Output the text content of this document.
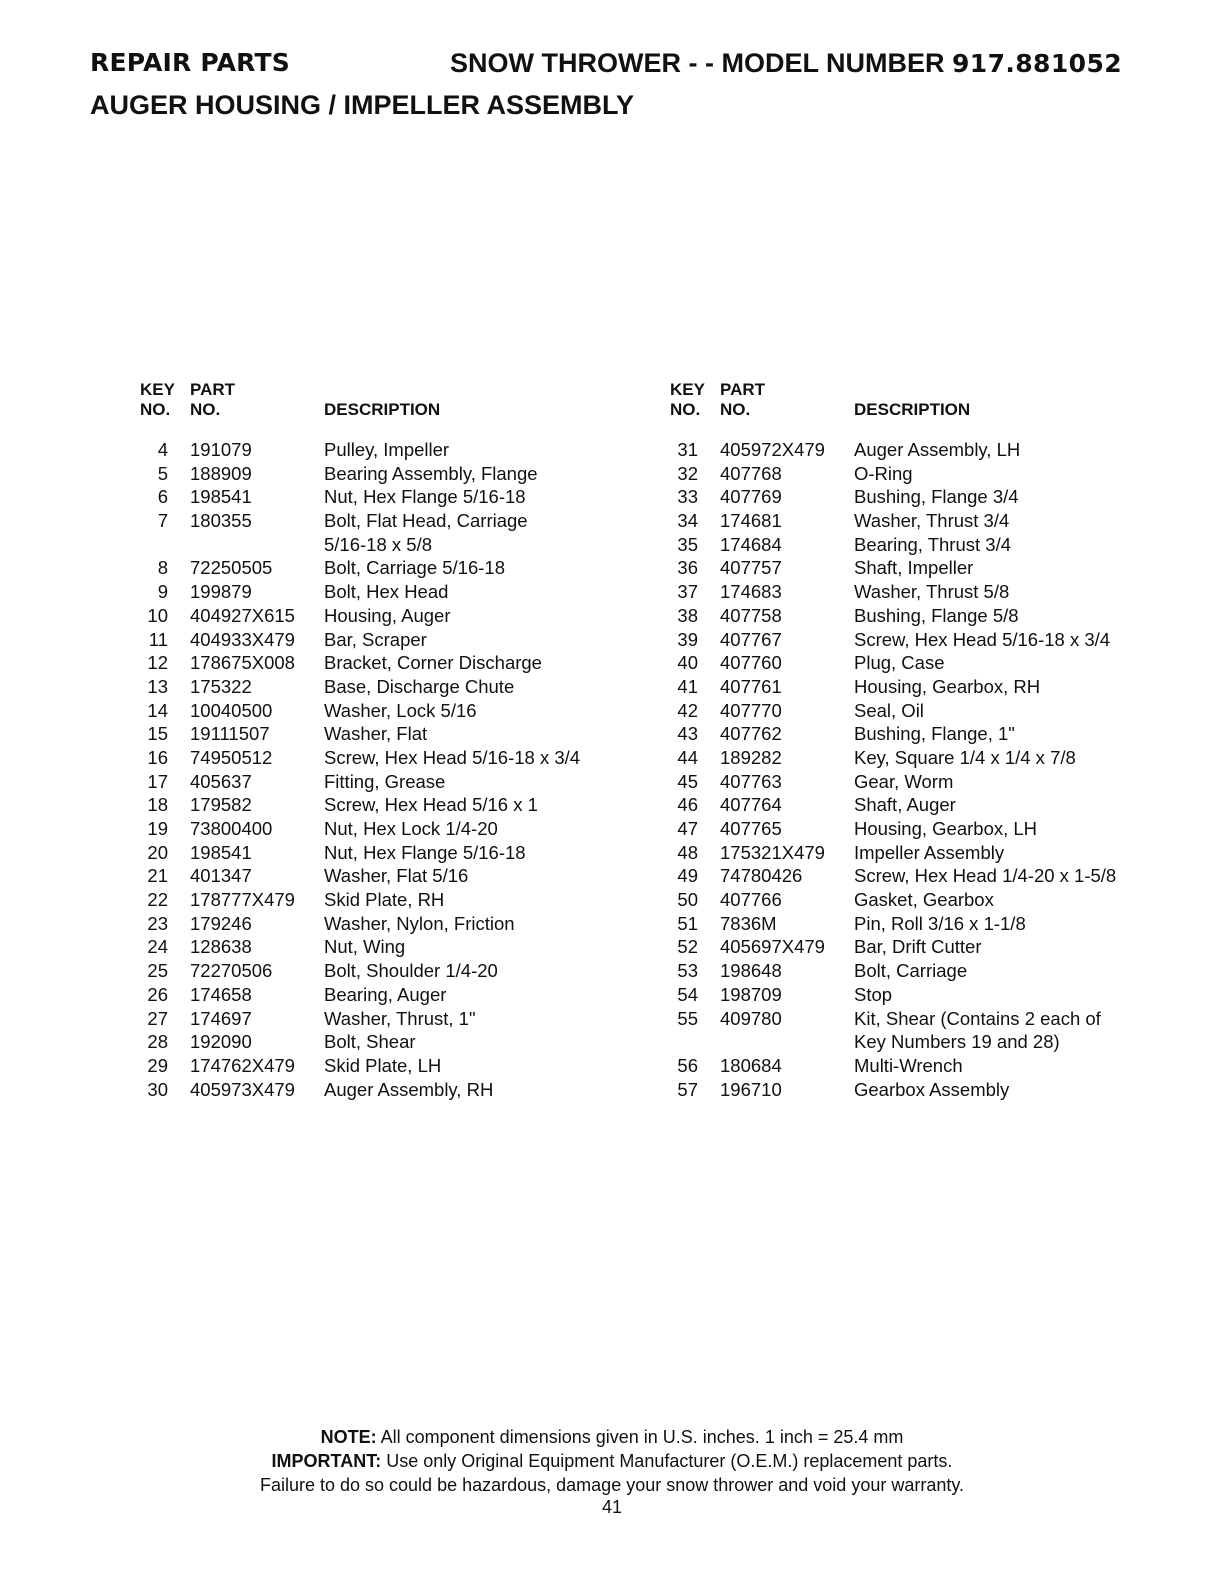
REPAIR PARTS	SNOW THROWER - - MODEL NUMBER 917.881052
AUGER HOUSING / IMPELLER ASSEMBLY
KEY
NO.
PART
NO.	DESCRIPTION
4 191079	Pulley, Impeller
5 188909	Bearing Assembly, Flange
6 198541	Nut, Hex Flange 5/16-18
7 180355	Bolt, Flat Head, Carriage
5/16-18 x 5/8
8 72250505	Bolt, Carriage 5/16-18
9 199879	Bolt, Hex Head
10 404927X615 Housing, Auger
11 404933X479 Bar, Scraper
12 178675X008 Bracket, Corner Discharge
13 175322	Base, Discharge Chute
14 10040500	Washer, Lock 5/16
15 19111507	Washer, Flat
16 74950512	Screw, Hex Head 5/16-18 x 3/4
17 405637	Fitting, Grease
18 179582	Screw, Hex Head 5/16 x 1
19 73800400	Nut, Hex Lock 1/4-20
20 198541	Nut, Hex Flange 5/16-18
21 401347	Washer, Flat 5/16
22 178777X479 Skid Plate, RH
23 179246	Washer, Nylon, Friction
24 128638	Nut, Wing
25 72270506	Bolt, Shoulder 1/4-20
26 174658	Bearing, Auger
27 174697	Washer, Thrust, 1"
28 192090	Bolt, Shear
29 174762X479 Skid Plate, LH
30 405973X479 Auger Assembly, RH
KEY
NO.
PART
NO.	DESCRIPTION
31 405972X479 Auger Assembly, LH
32 407768	O-Ring
33 407769	Bushing, Flange 3/4
34 174681	Washer, Thrust 3/4
35 174684	Bearing, Thrust 3/4
36 407757	Shaft, Impeller
37 174683	Washer, Thrust 5/8
38 407758	Bushing, Flange 5/8
39 407767	Screw, Hex Head 5/16-18 x 3/4
40 407760	Plug, Case
41 407761	Housing, Gearbox, RH
42 407770	Seal, Oil
43 407762	Bushing, Flange, 1"
44 189282	Key, Square 1/4 x 1/4 x 7/8
45 407763	Gear, Worm
46 407764	Shaft, Auger
47 407765	Housing, Gearbox, LH
48 175321X479 Impeller Assembly
49 74780426	Screw, Hex Head 1/4-20 x 1-5/8
50 407766	Gasket, Gearbox
51 7836M	Pin, Roll 3/16 x 1-1/8
52 405697X479 Bar, Drift Cutter
53 198648	Bolt, Carriage
54 198709	Stop
55 409780	Kit, Shear (Contains 2 each of
Key Numbers 19 and 28)
56 180684	Multi-Wrench
57 196710	Gearbox Assembly
NOTE: All component dimensions given in U.S. inches. 1 inch = 25.4 mm
IMPORTANT: Use only Original Equipment Manufacturer (O.E.M.) replacement parts.
Failure to do so could be hazardous, damage your snow thrower and void your warranty.
41
